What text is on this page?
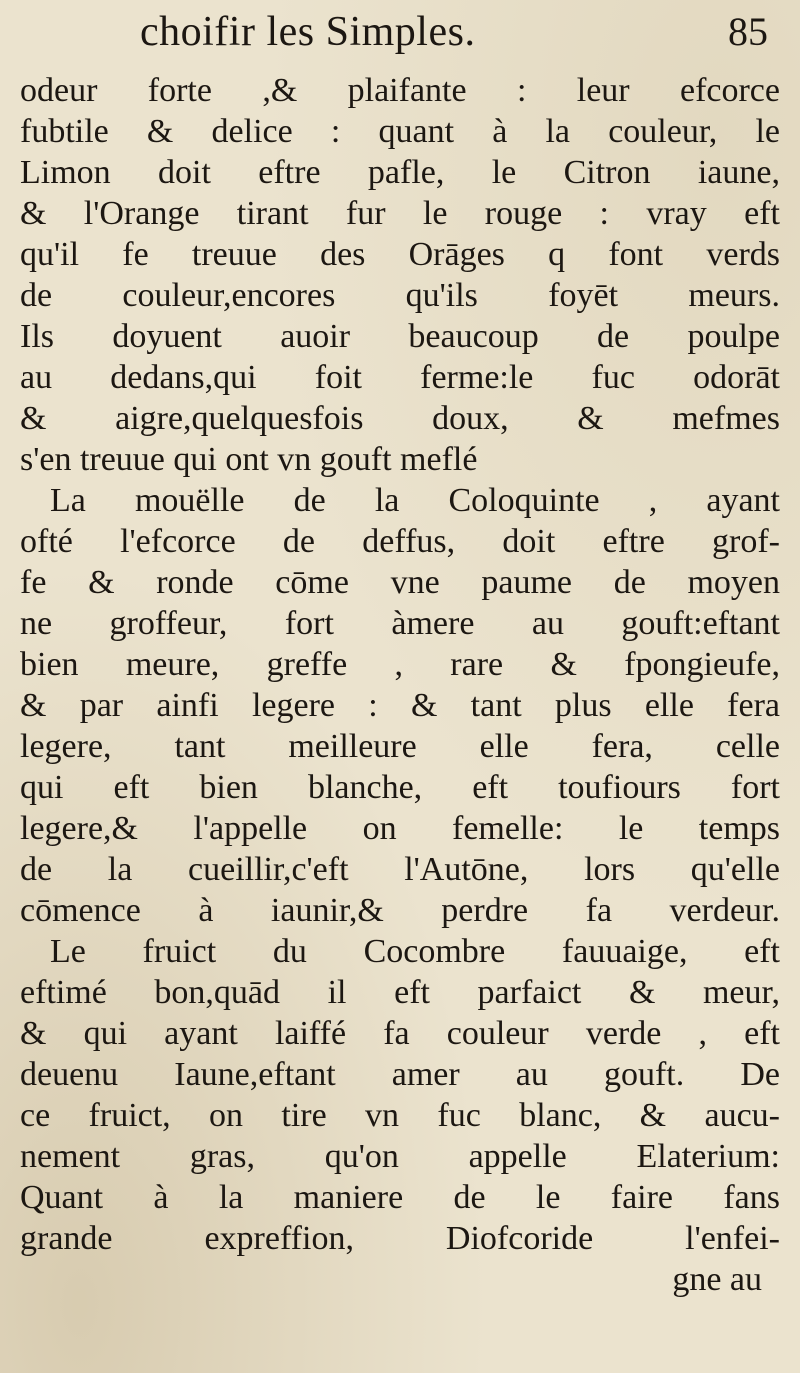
choifir les Simples.	85
odeur forte ,& plaifante : leur efcorce
fubtile & delice : quant à la couleur, le
Limon doit eftre pafle, le Citron iaune,
& l'Orange tirant fur le rouge : vray eft
qu'il fe treuue des Orāges q font verds
de couleur,encores qu'ils foyēt meurs.
Ils doyuent auoir beaucoup de poulpe
au dedans,qui foit ferme:le fuc odorāt
& aigre,quelquesfois doux, & mefmes
s'en treuue qui ont vn gouft meflé
La mouëlle de la Coloquinte , ayant
ofté l'efcorce de deffus, doit eftre grof-
fe & ronde cōme vne paume de moyen
ne groffeur, fort àmere au gouft:eftant
bien meure, greffe , rare & fpongieufe,
& par ainfi legere : & tant plus elle fera
legere, tant meilleure elle fera, celle
qui eft bien blanche, eft toufiours fort
legere,& l'appelle on femelle: le temps
de la cueillir,c'eft l'Autōne, lors qu'elle
cōmence à iaunir,& perdre fa verdeur.
Le fruict du Cocombre fauuaige, eft
eftimé bon,quād il eft parfaict & meur,
& qui ayant laiffé fa couleur verde , eft
deuenu Iaune,eftant amer au gouft. De
ce fruict, on tire vn fuc blanc, & aucu-
nement gras, qu'on appelle Elaterium:
Quant à la maniere de le faire fans
grande expreffion, Diofcoride l'enfei-
gne au
